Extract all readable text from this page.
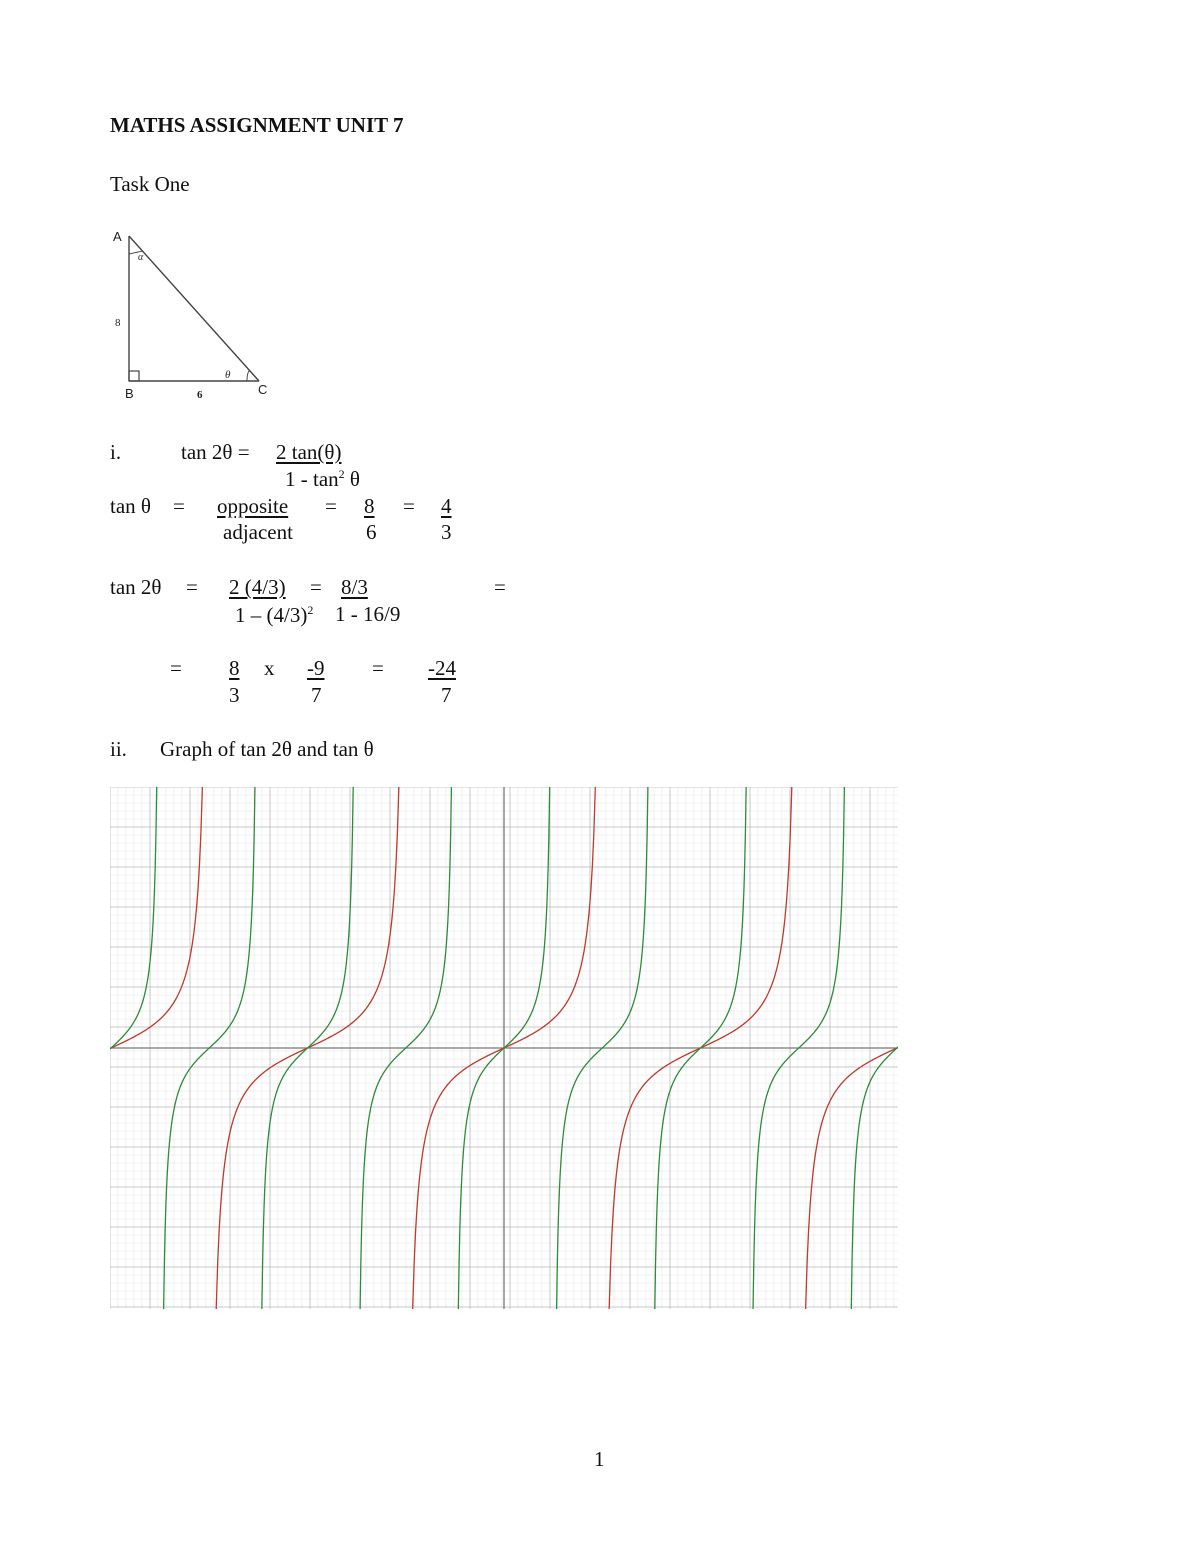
MATHS ASSIGNMENT UNIT 7
Task One
A
B	C
α
θ
8
6
i.	tan 2θ = 2 tan(θ)
$1 - \tan^2 \theta$
tan θ = opposite
adjacent
= 8
6
= 4
3
tan 2θ = 2 (4/3)
$1 - (4/3)^2$
= 8/3
1 - 16/9
=
= 8
3
x -9
7
= -24
7
ii. Graph of tan 2θ and tan θ
1
